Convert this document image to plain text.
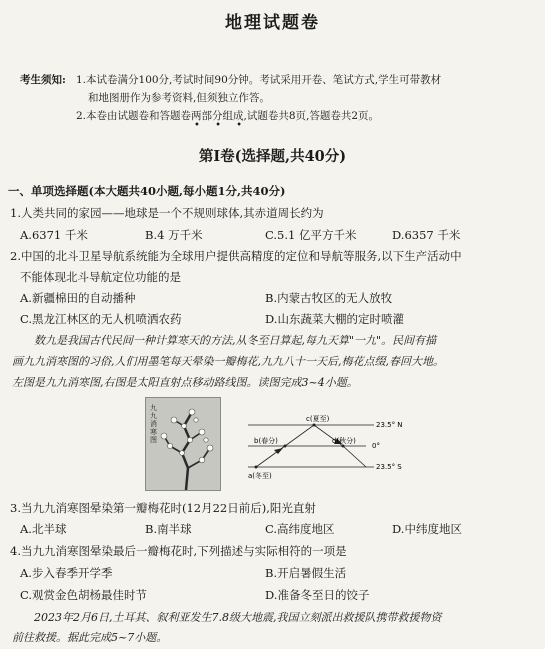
地理试题卷
考生须知: 1.本试卷满分100分,考试时间90分钟。考试采用开卷、笔试方式,学生可带教材
和地图册作为参考资料,但须独立作答。
2.本卷由试题卷和答题卷两部分组成,试题卷共8页,答题卷共2页。
• • •
第Ⅰ卷(选择题,共40分)
一、单项选择题(本大题共40小题,每小题1分,共40分)
1.人类共同的家园——地球是一个不规则球体,其赤道周长约为
A.6371 千米	B.4 万千米	C.5.1 亿平方千米	D.6357 千米
2.中国的北斗卫星导航系统能为全球用户提供高精度的定位和导航等服务,以下生产活动中
不能体现北斗导航定位功能的是
A.新疆棉田的自动播种	B.内蒙古牧区的无人放牧
C.黑龙江林区的无人机喷洒农药	D.山东蔬菜大棚的定时喷灌
数九是我国古代民间一种计算寒天的方法,从冬至日算起,每九天算"一九"。民间有描
画九九消寒图的习俗,人们用墨笔每天晕染一瓣梅花,九九八十一天后,梅花点缀,春回大地。
左图是九九消寒图,右图是太阳直射点移动路线图。读图完成3~4小题。
九九消寒图
c(夏至)
b(春分)	d(秋分)
a(冬至)
23.5° N
0°
23.5° S
3.当九九消寒图晕染第一瓣梅花时(12月22日前后),阳光直射
A.北半球	B.南半球	C.高纬度地区	D.中纬度地区
4.当九九消寒图晕染最后一瓣梅花时,下列描述与实际相符的一项是
A.步入春季开学季	B.开启暑假生活
C.观赏金色胡杨最佳时节	D.准备冬至日的饺子
2023年2月6日,土耳其、叙利亚发生7.8级大地震,我国立刻派出救援队携带救援物资
前往救援。据此完成5~7小题。
